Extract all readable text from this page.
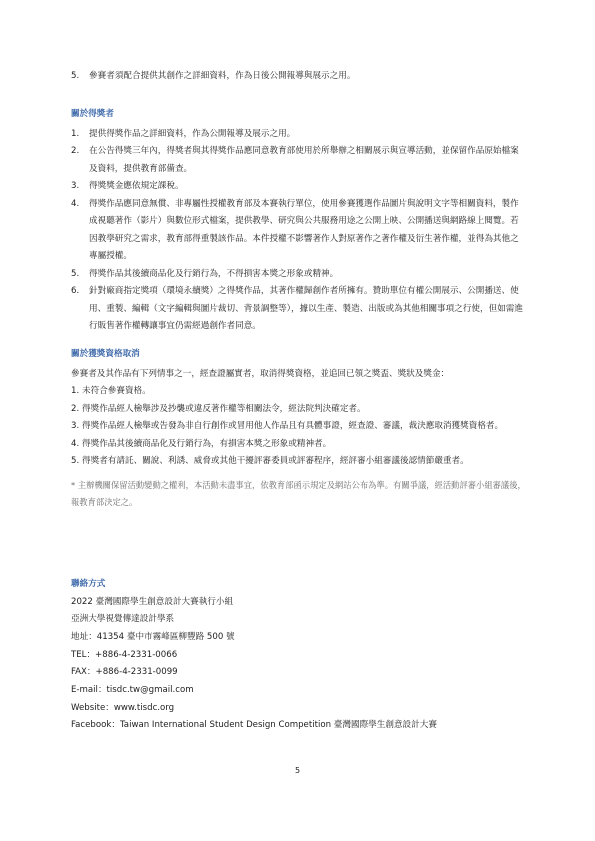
5. 參賽者須配合提供其創作之詳細資料，作為日後公開報導與展示之用。
關於得獎者
1. 提供得獎作品之詳細資料，作為公開報導及展示之用。
2. 在公告得獎三年內，得獎者與其得獎作品應同意教育部使用於所舉辦之相關展示與宣導活動，並保留作品原始檔案及資料，提供教育部備查。
3. 得獎獎金應依規定課稅。
4. 得獎作品應同意無償、非專屬性授權教育部及本賽執行單位，使用參賽獲選作品圖片與說明文字等相關資料，製作成視聽著作（影片）與數位形式檔案，提供教學、研究與公共服務用途之公開上映、公開播送與網路線上閱覽。若因教學研究之需求，教育部得重製該作品。本件授權不影響著作人對原著作之著作權及衍生著作權，並得為其他之專屬授權。
5. 得獎作品其後續商品化及行銷行為，不得損害本獎之形象或精神。
6. 針對廠商指定獎項（環境永續獎）之得獎作品，其著作權歸創作者所擁有。贊助單位有權公開展示、公開播送、使用、重製、編輯（文字編輯與圖片裁切、背景調整等），據以生產、製造、出版或為其他相關事項之行使，但如需進行販售著作權轉讓事宜仍需經過創作者同意。
關於獲獎資格取消
參賽者及其作品有下列情事之一，經查證屬實者，取消得獎資格，並追回已領之獎盃、獎狀及獎金：
1. 未符合參賽資格。
2. 得獎作品經人檢舉涉及抄襲或違反著作權等相關法令，經法院判決確定者。
3. 得獎作品經人檢舉或告發為非自行創作或冒用他人作品且有具體事證，經查證、審議，裁決應取消獲獎資格者。
4. 得獎作品其後續商品化及行銷行為，有損害本獎之形象或精神者。
5. 得獎者有請託、關說、利誘、威脅或其他干擾評審委員或評審程序，經評審小組審議後認情節嚴重者。
* 主辦機關保留活動變動之權利，本活動未盡事宜，依教育部函示規定及網站公布為準。有關爭議，經活動評審小組審議後，報教育部決定之。
聯絡方式
2022 臺灣國際學生創意設計大賽執行小組
亞洲大學視覺傳達設計學系
地址：41354 臺中市霧峰區柳豐路 500 號
TEL：+886-4-2331-0066
FAX：+886-4-2331-0099
E-mail：tisdc.tw@gmail.com
Website：www.tisdc.org
Facebook：Taiwan International Student Design Competition 臺灣國際學生創意設計大賽
5
